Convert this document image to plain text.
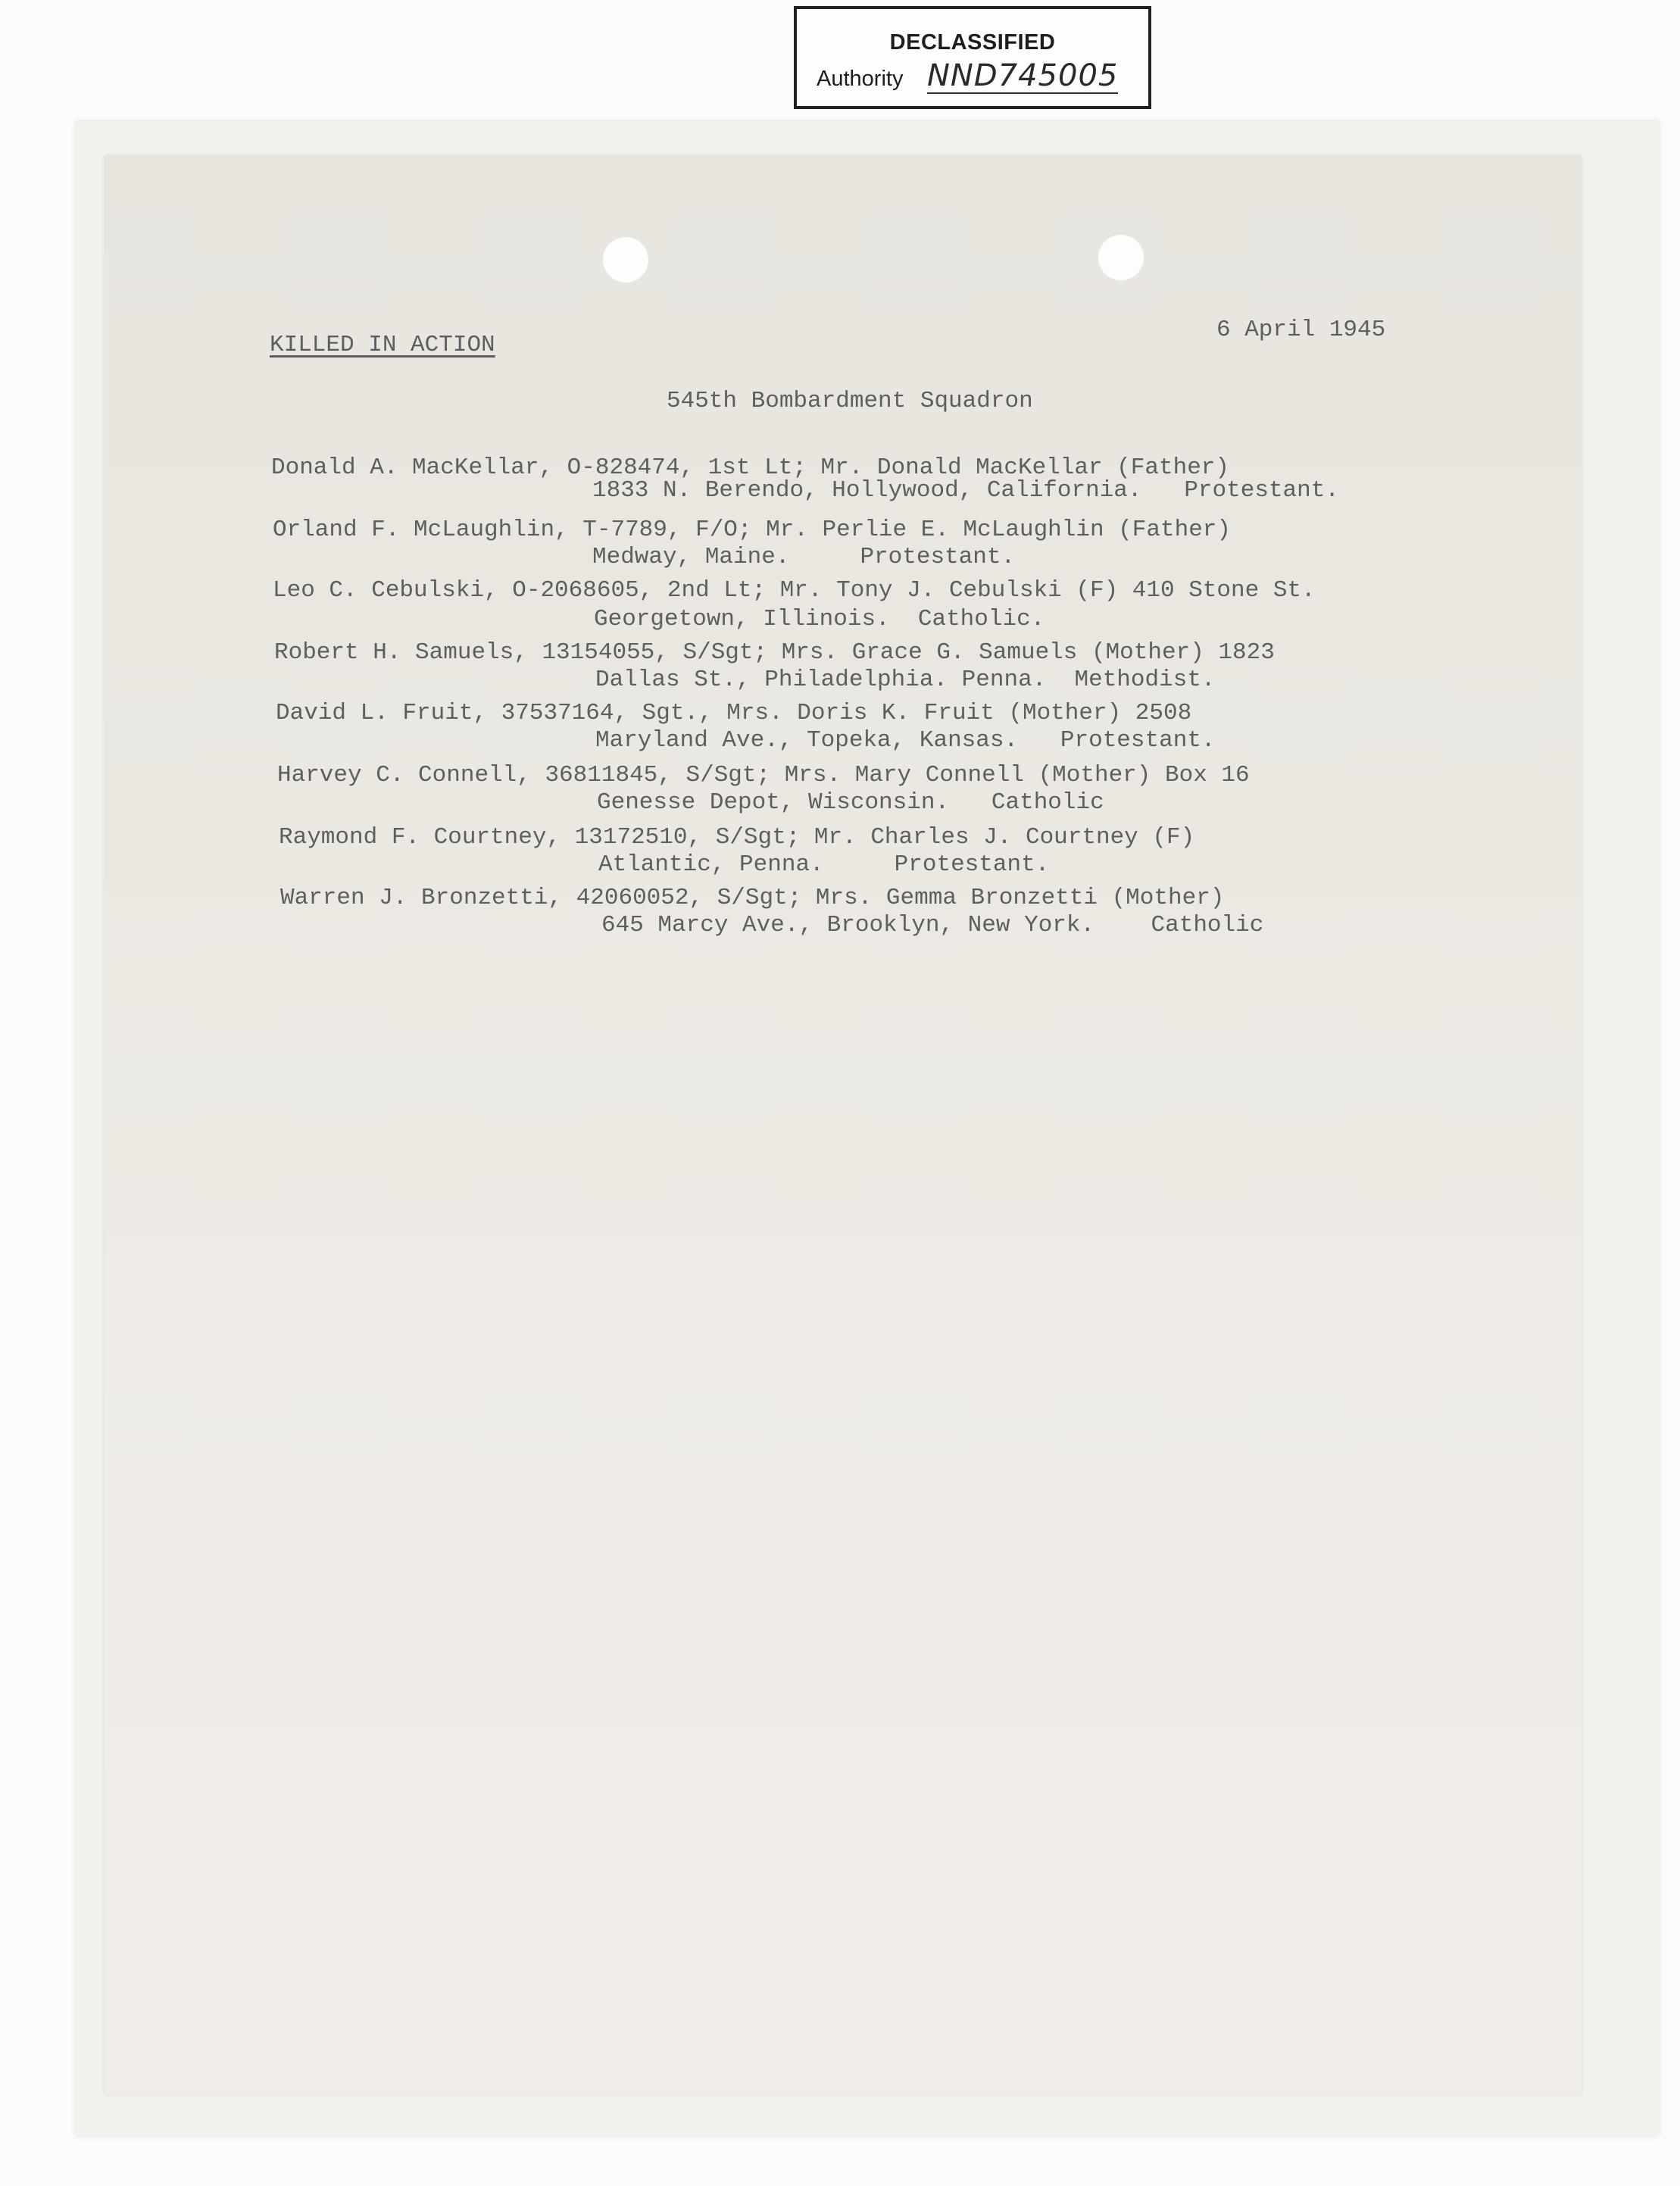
DECLASSIFIED
Authority NND745005
KILLED IN ACTION
6 April 1945
545th Bombardment Squadron
Donald A. MacKellar, O-828474, 1st Lt; Mr. Donald MacKellar (Father)
1833 N. Berendo, Hollywood, California.   Protestant.
Orland F. McLaughlin, T-7789, F/O; Mr. Perlie E. McLaughlin (Father)
Medway, Maine.     Protestant.
Leo C. Cebulski, O-2068605, 2nd Lt; Mr. Tony J. Cebulski (F) 410 Stone St.
Georgetown, Illinois.  Catholic.
Robert H. Samuels, 13154055, S/Sgt; Mrs. Grace G. Samuels (Mother) 1823
Dallas St., Philadelphia. Penna.  Methodist.
David L. Fruit, 37537164, Sgt., Mrs. Doris K. Fruit (Mother) 2508
Maryland Ave., Topeka, Kansas.   Protestant.
Harvey C. Connell, 36811845, S/Sgt; Mrs. Mary Connell (Mother) Box 16
Genesse Depot, Wisconsin.   Catholic
Raymond F. Courtney, 13172510, S/Sgt; Mr. Charles J. Courtney (F)
Atlantic, Penna.     Protestant.
Warren J. Bronzetti, 42060052, S/Sgt; Mrs. Gemma Bronzetti (Mother)
645 Marcy Ave., Brooklyn, New York.    Catholic
